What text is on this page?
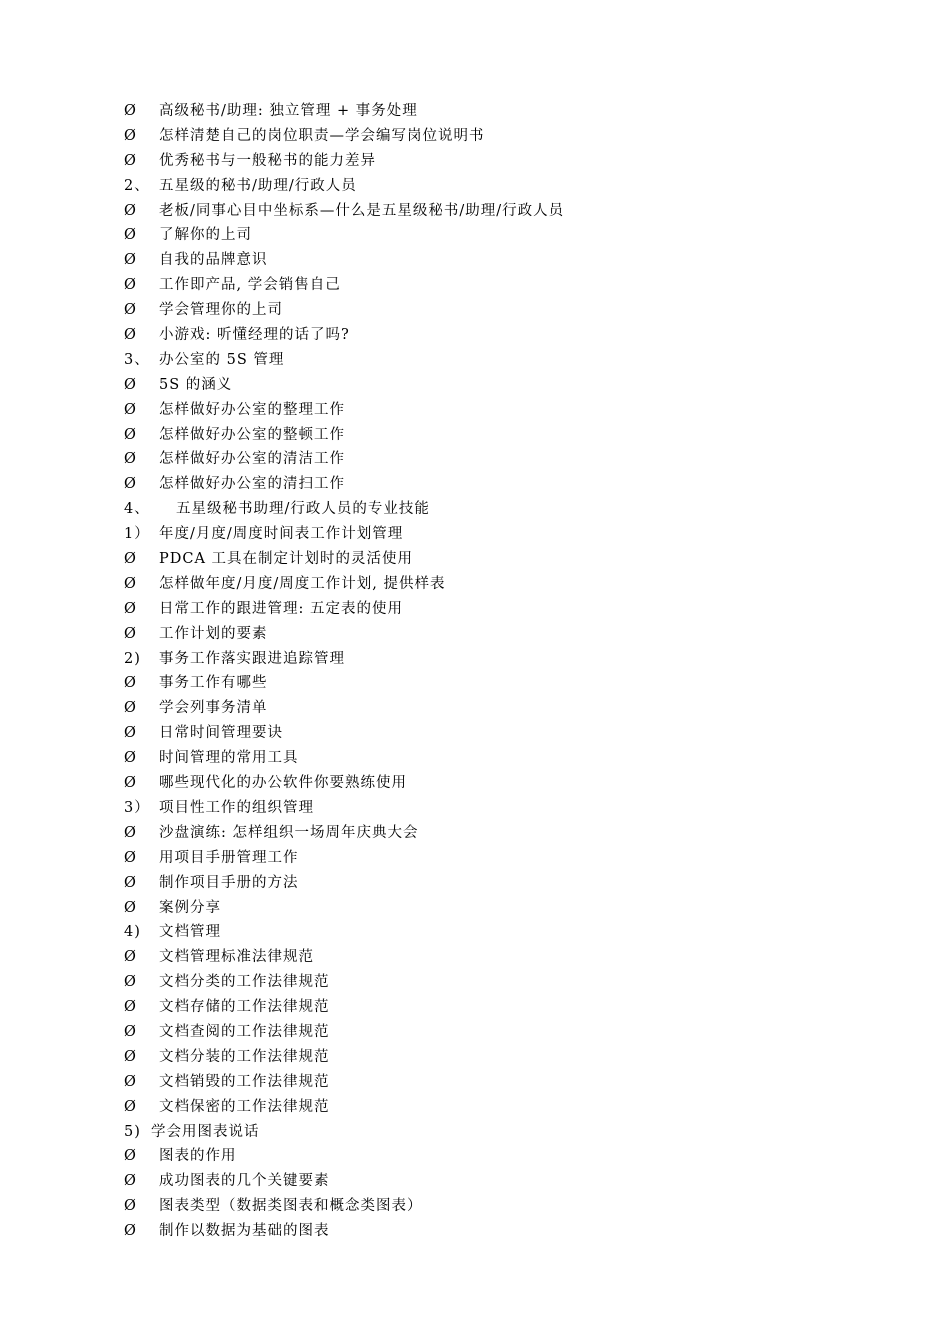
Ø 高级秘书/助理: 独立管理 + 事务处理
Ø 怎样清楚自己的岗位职责—学会编写岗位说明书
Ø 优秀秘书与一般秘书的能力差异
2、 五星级的秘书/助理/行政人员
Ø 老板/同事心目中坐标系—什么是五星级秘书/助理/行政人员
Ø 了解你的上司
Ø 自我的品牌意识
Ø 工作即产品, 学会销售自己
Ø 学会管理你的上司
Ø 小游戏: 听懂经理的话了吗?
3、 办公室的 5S 管理
Ø 5S 的涵义
Ø 怎样做好办公室的整理工作
Ø 怎样做好办公室的整顿工作
Ø 怎样做好办公室的清洁工作
Ø 怎样做好办公室的清扫工作
4、 五星级秘书助理/行政人员的专业技能
1） 年度/月度/周度时间表工作计划管理
Ø PDCA 工具在制定计划时的灵活使用
Ø 怎样做年度/月度/周度工作计划, 提供样表
Ø 日常工作的跟进管理: 五定表的使用
Ø 工作计划的要素
2) 事务工作落实跟进追踪管理
Ø 事务工作有哪些
Ø 学会列事务清单
Ø 日常时间管理要诀
Ø 时间管理的常用工具
Ø 哪些现代化的办公软件你要熟练使用
3） 项目性工作的组织管理
Ø 沙盘演练: 怎样组织一场周年庆典大会
Ø 用项目手册管理工作
Ø 制作项目手册的方法
Ø 案例分享
4) 文档管理
Ø 文档管理标准法律规范
Ø 文档分类的工作法律规范
Ø 文档存储的工作法律规范
Ø 文档查阅的工作法律规范
Ø 文档分装的工作法律规范
Ø 文档销毁的工作法律规范
Ø 文档保密的工作法律规范
5) 学会用图表说话
Ø 图表的作用
Ø 成功图表的几个关键要素
Ø 图表类型（数据类图表和概念类图表）
Ø 制作以数据为基础的图表
